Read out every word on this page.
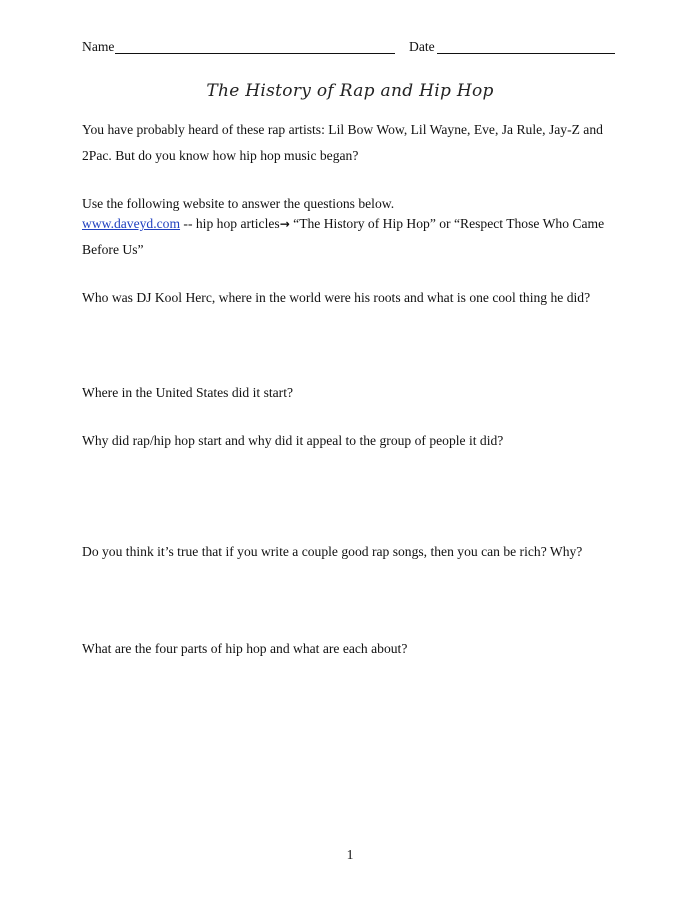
Name	Date
The History of Rap and Hip Hop
You have probably heard of these rap artists: Lil Bow Wow, Lil Wayne, Eve, Ja Rule, Jay-Z and
2Pac. But do you know how hip hop music began?
Use the following website to answer the questions below.
www.daveyd.com -- hip hop articles→ “The History of Hip Hop” or “Respect Those Who Came
Before Us”
Who was DJ Kool Herc, where in the world were his roots and what is one cool thing he did?
Where in the United States did it start?
Why did rap/hip hop start and why did it appeal to the group of people it did?
Do you think it’s true that if you write a couple good rap songs, then you can be rich? Why?
What are the four parts of hip hop and what are each about?
1
